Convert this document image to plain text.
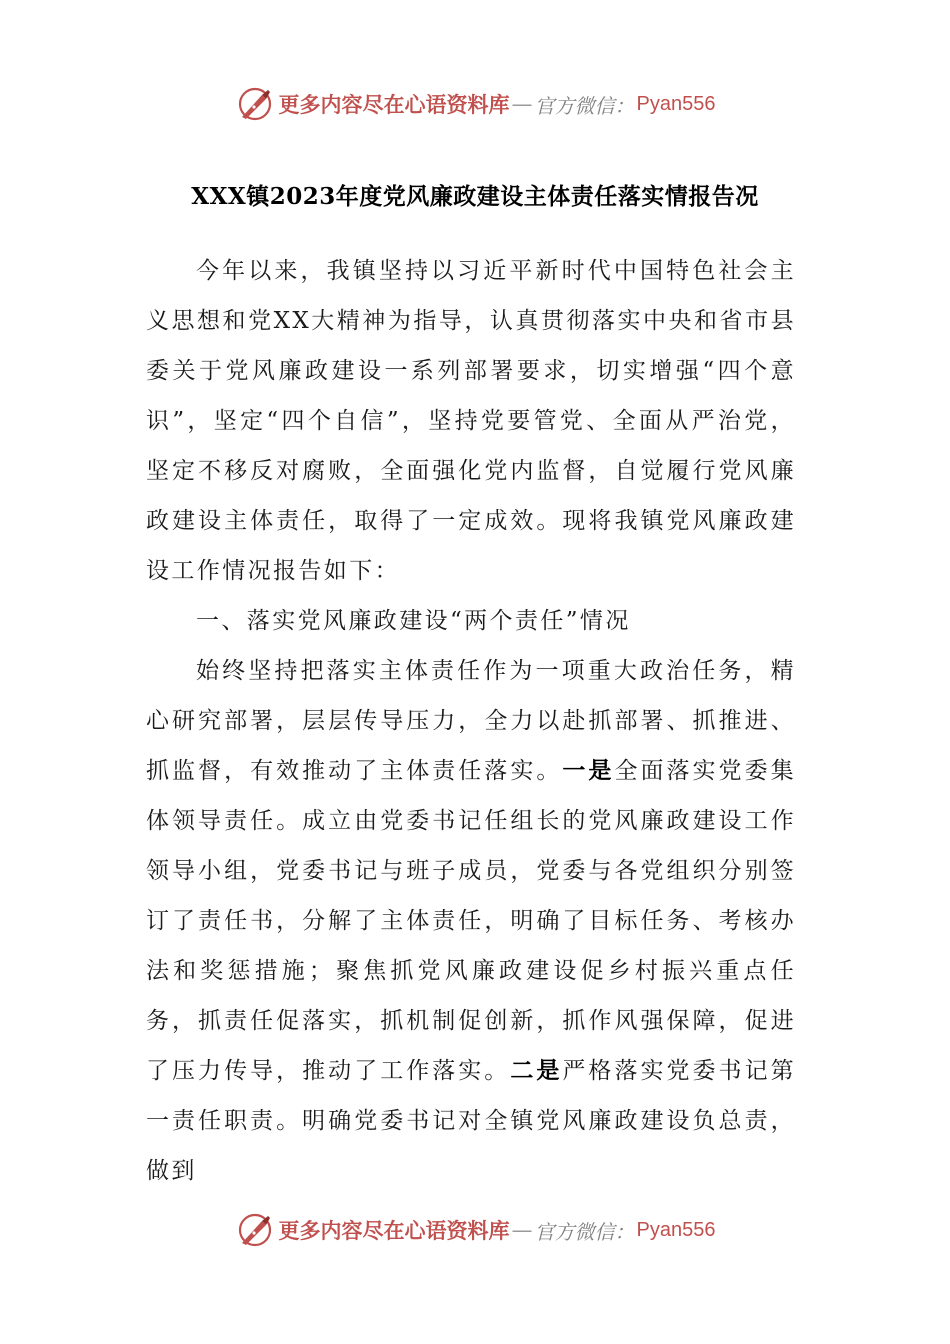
更多内容尽在心语资料库 — 官方微信： Pyan556
XXX镇2023年度党风廉政建设主体责任落实情报告况

今年以来，我镇坚持以习近平新时代中国特色社会主义思想和党XX大精神为指导，认真贯彻落实中央和省市县委关于党风廉政建设一系列部署要求，切实增强“四个意识”，坚定“四个自信”，坚持党要管党、全面从严治党，坚定不移反对腐败，全面强化党内监督，自觉履行党风廉政建设主体责任，取得了一定成效。现将我镇党风廉政建设工作情况报告如下：

一、落实党风廉政建设“两个责任”情况

始终坚持把落实主体责任作为一项重大政治任务，精心研究部署，层层传导压力，全力以赴抓部署、抓推进、抓监督，有效推动了主体责任落实。一是全面落实党委集体领导责任。成立由党委书记任组长的党风廉政建设工作领导小组，党委书记与班子成员，党委与各党组织分别签订了责任书，分解了主体责任，明确了目标任务、考核办法和奖惩措施；聚焦抓党风廉政建设促乡村振兴重点任务，抓责任促落实，抓机制促创新，抓作风强保障，促进了压力传导，推动了工作落实。二是严格落实党委书记第一责任职责。明确党委书记对全镇党风廉政建设负总责，做到

更多内容尽在心语资料库 — 官方微信： Pyan556
